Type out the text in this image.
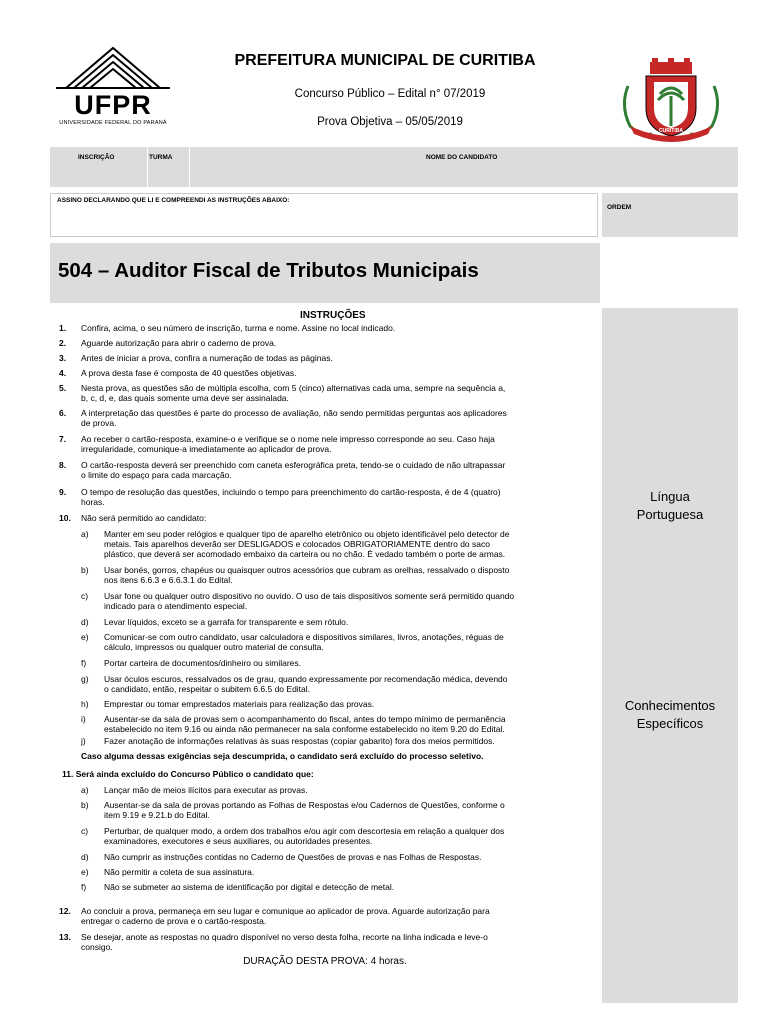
UFPR
UNIVERSIDADE FEDERAL DO PARANÁ
PREFEITURA MUNICIPAL DE CURITIBA
Concurso Público – Edital n° 07/2019
Prova Objetiva – 05/05/2019
CURITIBA
INSCRIÇÃO	TURMA	NOME DO CANDIDATO
ASSINO DECLARANDO QUE LI E COMPREENDI AS INSTRUÇÕES ABAIXO:
ORDEM
504 – Auditor Fiscal de Tributos Municipais
Língua
Portuguesa
Conhecimentos
Específicos
INSTRUÇÕES
1. Confira, acima, o seu número de inscrição, turma e nome. Assine no local indicado.
2. Aguarde autorização para abrir o caderno de prova.
3. Antes de iniciar a prova, confira a numeração de todas as páginas.
4. A prova desta fase é composta de 40 questões objetivas.
5. Nesta prova, as questões são de múltipla escolha, com 5 (cinco) alternativas cada uma, sempre na sequência a,
b, c, d, e, das quais somente uma deve ser assinalada.
6. A interpretação das questões é parte do processo de avaliação, não sendo permitidas perguntas aos aplicadores
de prova.
7. Ao receber o cartão-resposta, examine-o e verifique se o nome nele impresso corresponde ao seu. Caso haja
irregularidade, comunique-a imediatamente ao aplicador de prova.
8. O cartão-resposta deverá ser preenchido com caneta esferográfica preta, tendo-se o cuidado de não ultrapassar
o limite do espaço para cada marcação.
9. O tempo de resolução das questões, incluindo o tempo para preenchimento do cartão-resposta, é de 4 (quatro)
horas.
10. Não será permitido ao candidato:
a) Manter em seu poder relógios e qualquer tipo de aparelho eletrônico ou objeto identificável pelo detector de
metais. Tais aparelhos deverão ser DESLIGADOS e colocados OBRIGATORIAMENTE dentro do saco
plástico, que deverá ser acomodado embaixo da carteira ou no chão. É vedado também o porte de armas.
b) Usar bonés, gorros, chapéus ou quaisquer outros acessórios que cubram as orelhas, ressalvado o disposto
nos itens 6.6.3 e 6.6.3.1 do Edital.
c) Usar fone ou qualquer outro dispositivo no ouvido. O uso de tais dispositivos somente será permitido quando
indicado para o atendimento especial.
d) Levar líquidos, exceto se a garrafa for transparente e sem rótulo.
e) Comunicar-se com outro candidato, usar calculadora e dispositivos similares, livros, anotações, réguas de
cálculo, impressos ou qualquer outro material de consulta.
f) Portar carteira de documentos/dinheiro ou similares.
g) Usar óculos escuros, ressalvados os de grau, quando expressamente por recomendação médica, devendo
o candidato, então, respeitar o subitem 6.6.5 do Edital.
h) Emprestar ou tomar emprestados materiais para realização das provas.
i) Ausentar-se da sala de provas sem o acompanhamento do fiscal, antes do tempo mínimo de permanência
estabelecido no item 9.16 ou ainda não permanecer na sala conforme estabelecido no item 9.20 do Edital.
j) Fazer anotação de informações relativas às suas respostas (copiar gabarito) fora dos meios permitidos.
Caso alguma dessas exigências seja descumprida, o candidato será excluído do processo seletivo.
11. Será ainda excluído do Concurso Público o candidato que:
a) Lançar mão de meios ilícitos para executar as provas.
b) Ausentar-se da sala de provas portando as Folhas de Respostas e/ou Cadernos de Questões, conforme o
item 9.19 e 9.21.b do Edital.
c) Perturbar, de qualquer modo, a ordem dos trabalhos e/ou agir com descortesia em relação a qualquer dos
examinadores, executores e seus auxiliares, ou autoridades presentes.
d) Não cumprir as instruções contidas no Caderno de Questões de provas e nas Folhas de Respostas.
e) Não permitir a coleta de sua assinatura.
f) Não se submeter ao sistema de identificação por digital e detecção de metal.
12. Ao concluir a prova, permaneça em seu lugar e comunique ao aplicador de prova. Aguarde autorização para
entregar o caderno de prova e o cartão-resposta.
13. Se desejar, anote as respostas no quadro disponível no verso desta folha, recorte na linha indicada e leve-o
consigo.
DURAÇÃO DESTA PROVA: 4 horas.
